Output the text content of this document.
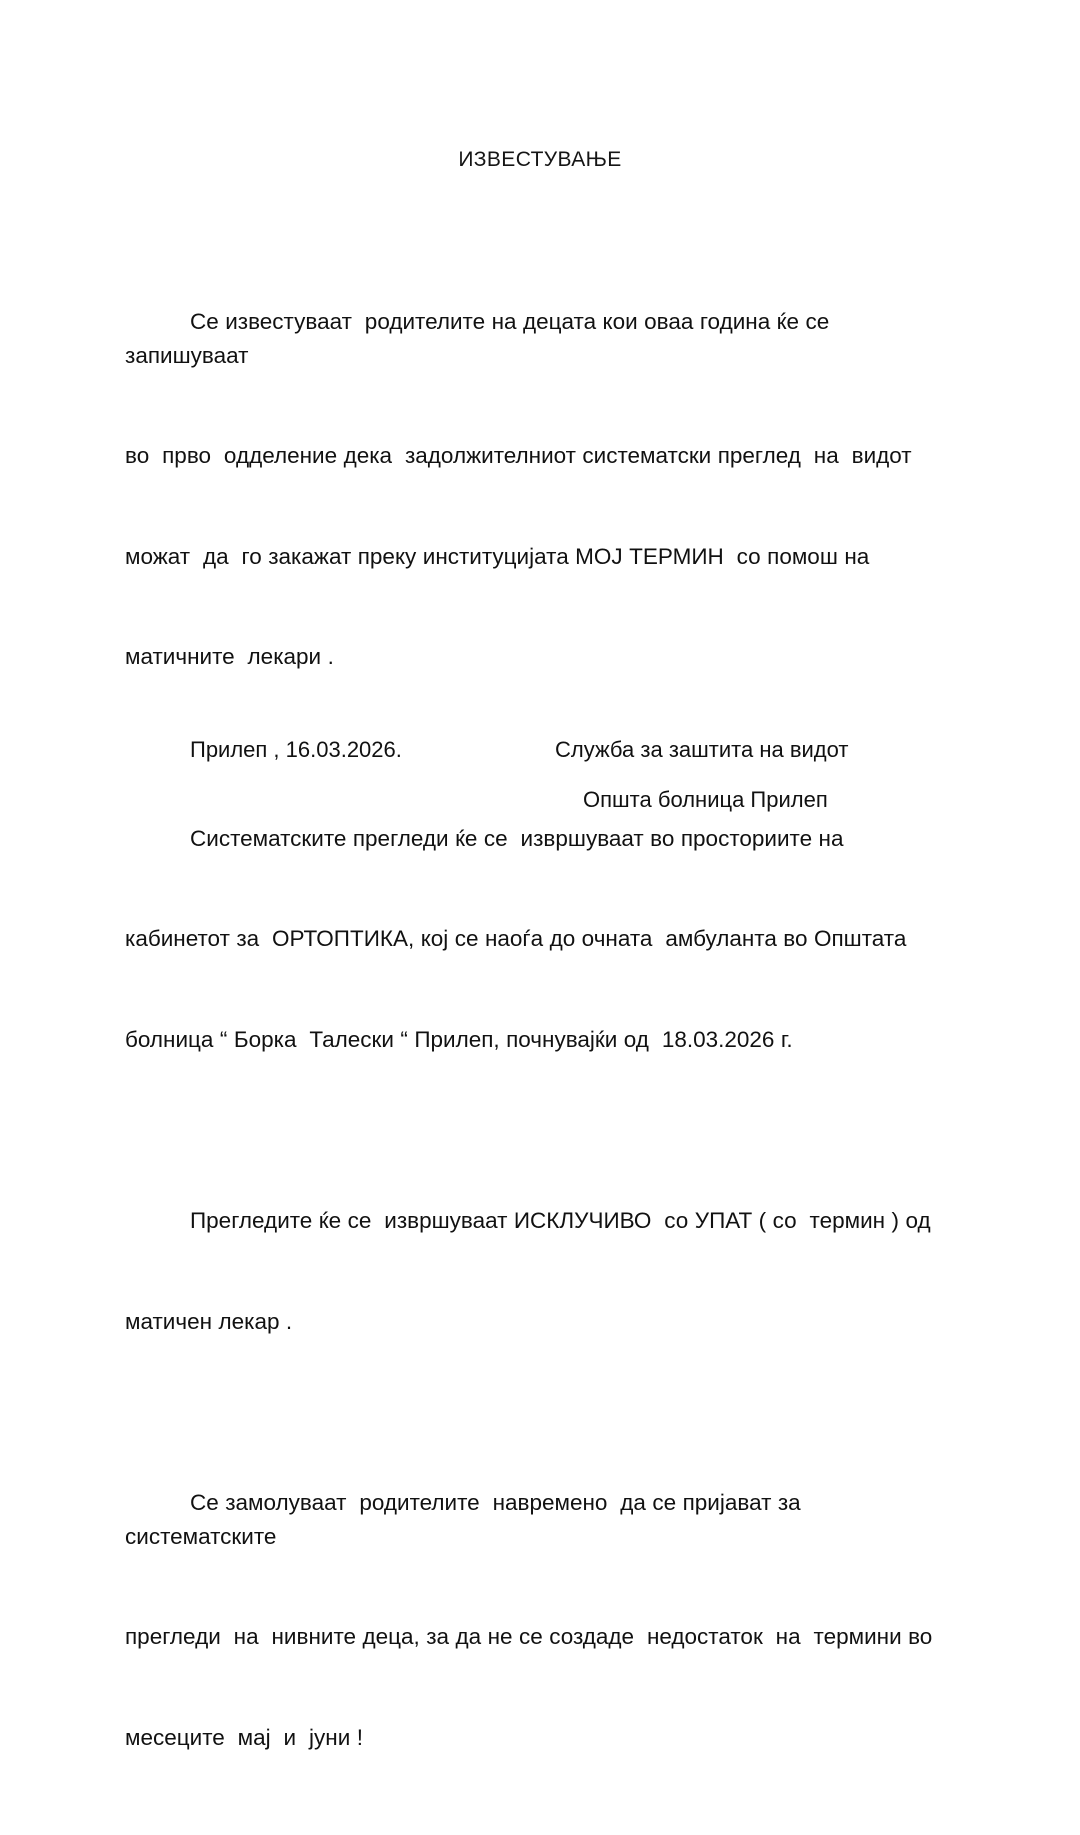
ИЗВЕСТУВАЊЕ

Се известуваат  родителите на децата кои оваа година ќе се запишуваат

во  прво  одделение дека  задолжителниот систематски преглед  на  видот

можат  да  го закажат преку институцијата МОЈ ТЕРМИН  со помош на

матичните  лекари .

Систематските прегледи ќе се  извршуваат во просториите на

кабинетот за  ОРТОПТИКА, кој се наоѓа до очната  амбуланта во Општата

болница “ Борка  Талески “ Прилеп, почнувајќи од  18.03.2026 г.

Прегледите ќе се  извршуваат ИСКЛУЧИВО  со УПАТ ( со  термин ) од

матичен лекар .

Се замолуваат  родителите  навремено  да се пријават за систематските

прегледи  на  нивните деца, за да не се создаде  недостаток  на  термини во

месеците  мај  и  јуни !

Прилеп , 16.03.2026.	Служба за заштита на видот
Општа болница Прилеп
